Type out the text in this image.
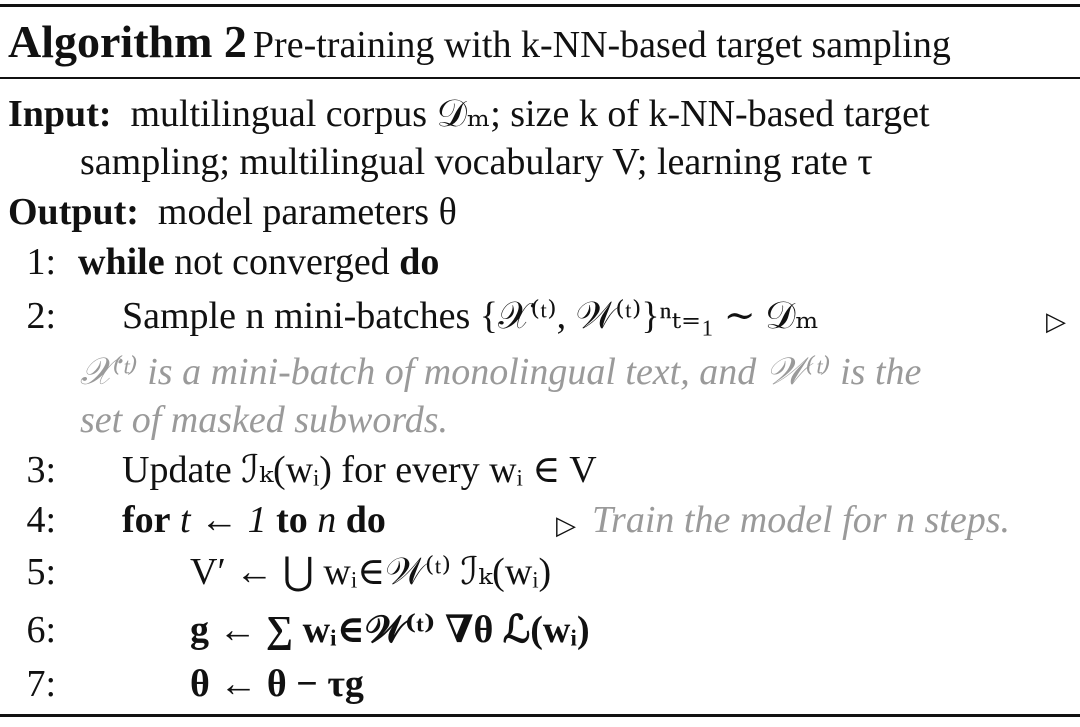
Algorithm 2 Pre-training with k-NN-based target sampling
Input: multilingual corpus 𝒟ₘ; size k of k-NN-based target
sampling; multilingual vocabulary V; learning rate τ
Output: model parameters θ
1: while not converged do
2: Sample n mini-batches {𝒳⁽ᵗ⁾, 𝒲⁽ᵗ⁾}ⁿₜ₌₁ ∼ 𝒟ₘ	▷
𝒳⁽ᵗ⁾ is a mini-batch of monolingual text, and 𝒲⁽ᵗ⁾ is the
set of masked subwords.
3: Update ℐₖ(wᵢ) for every wᵢ ∈ V
4: for t ← 1 to n do	▷ Train the model for n steps.
5:	V′ ← ⋃ wᵢ∈𝒲⁽ᵗ⁾ ℐₖ(wᵢ)
6:	g ← ∑ wᵢ∈𝒲⁽ᵗ⁾ ∇θ ℒ(wᵢ)
7:	θ ← θ − τg
